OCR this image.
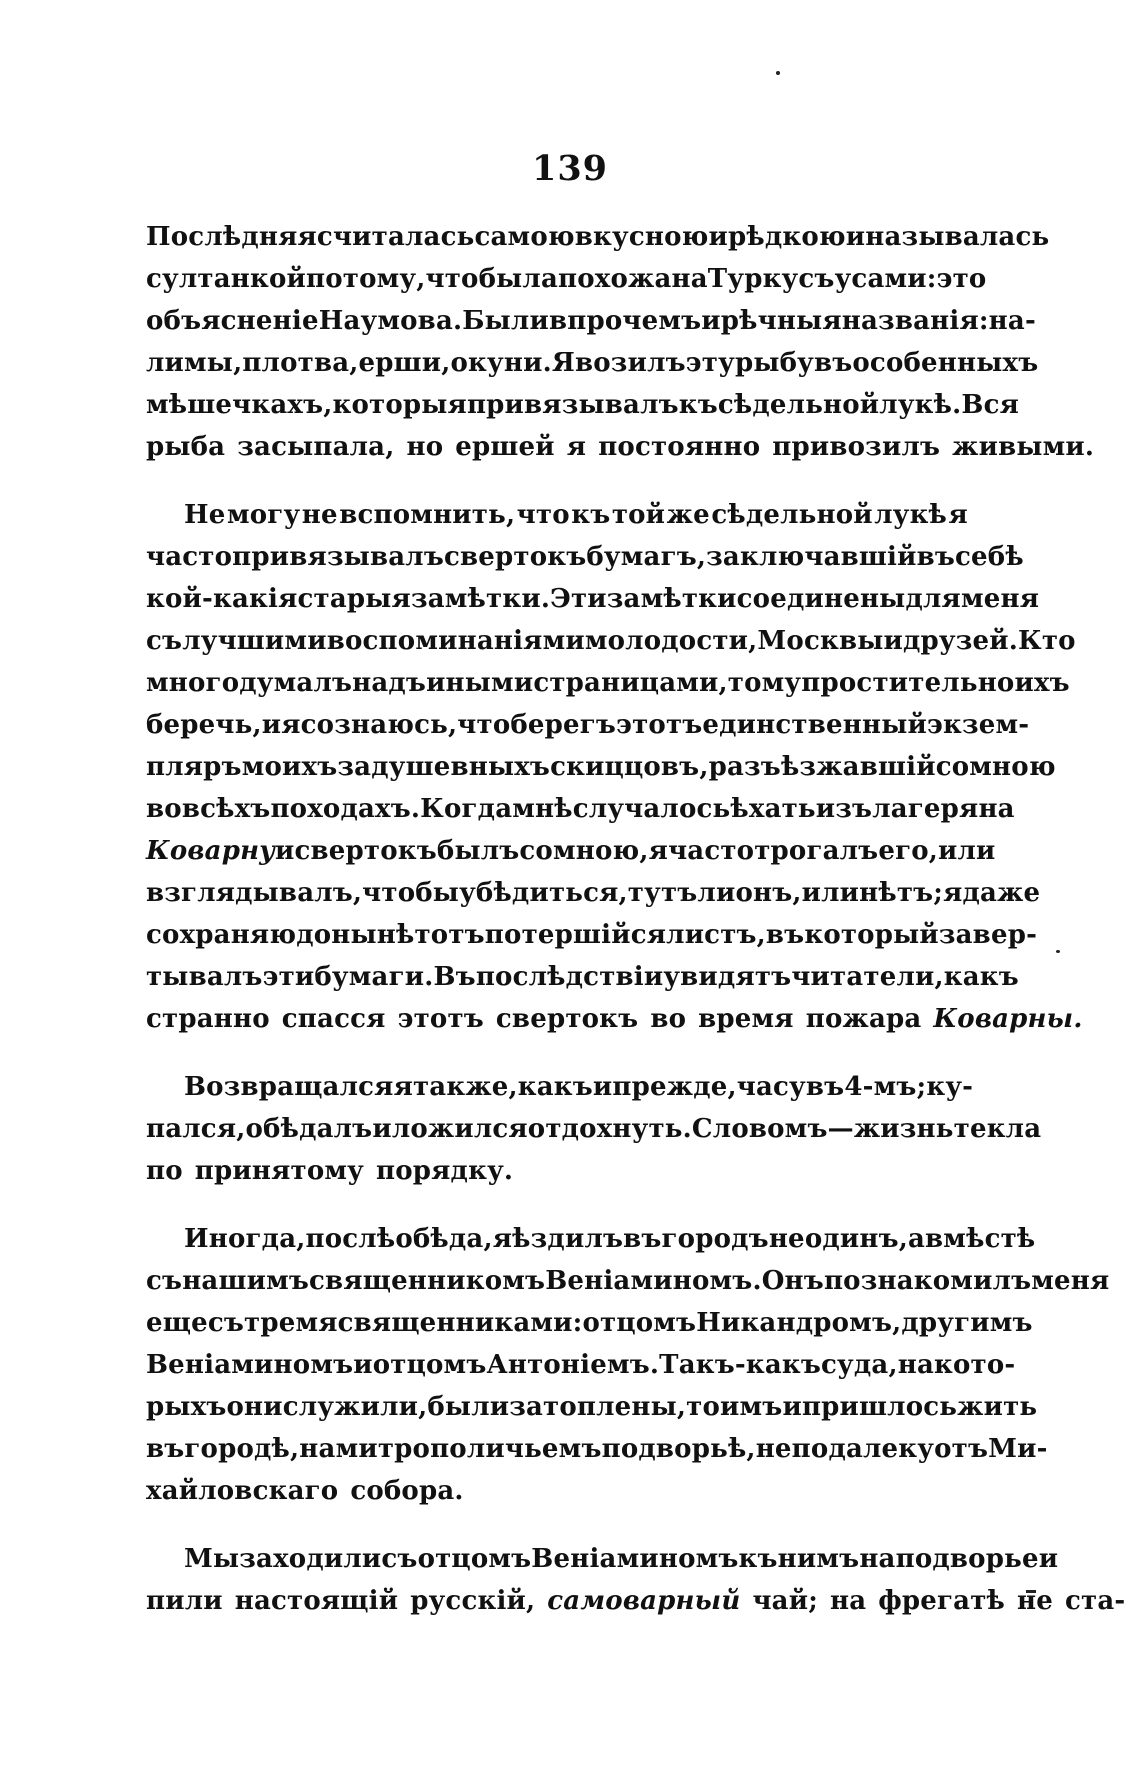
139
Послѣдняя считалась самою вкусною и рѣдкою и называлась
султанкой потому, что была похожа на Турку съ усами: это
объясненіе Наумова. Были впрочемъ и рѣчныя названія: на-
лимы, плотва, ерши, окуни. Я возилъ эту рыбу въ особенныхъ
мѣшечкахъ, которыя привязывалъ къ сѣдельной лукѣ. Вся
рыба засыпала, но ершей я постоянно привозилъ живыми.
Не могу не вспомнить, что къ той же сѣдельной лукѣ я
часто привязывалъ свертокъ бумагъ, заключавшій въ себѣ
кой-какія старыя замѣтки. Эти замѣтки соединены для меня
съ лучшими воспоминаніями молодости, Москвы и друзей. Кто
много думалъ надъ иными страницами, тому простительно ихъ
беречь, и я сознаюсь, что берегъ этотъ единственный экзем-
пляръ моихъ задушевныхъ скиццовъ, разъѣзжавшій со мною
во всѣхъ походахъ. Когда мнѣ случалось ѣхать изъ лагеря на
Коварну и свертокъ былъ со мною, я часто трогалъ его, или
взглядывалъ, чтобы убѣдиться, тутъ ли онъ, или нѣтъ; я даже
сохраняю донынѣ тотъ потершійся листъ, въ который завер-
тывалъ эти бумаги. Въ послѣдствіи увидятъ читатели, какъ
странно спасся этотъ свертокъ во время пожара Коварны.
Возвращался я также, какъ и прежде, часу въ 4-мъ; ку-
пался, обѣдалъ и ложился отдохнуть. Словомъ — жизнь текла
по принятому порядку.
Иногда, послѣ обѣда, я ѣздилъ въ городъ не одинъ, а вмѣстѣ
съ нашимъ священникомъ Веніаминомъ. Онъ познакомилъ меня
еще съ тремя священниками: отцомъ Никандромъ, другимъ
Веніаминомъ и отцомъ Антоніемъ. Такъ-какъ суда, на кото-
рыхъ они служили, были затоплены, то имъ и пришлось жить
въ городѣ, на митрополичьемъ подворьѣ, не подалеку отъ Ми-
хайловскаго собора.
Мы заходили съ отцомъ Веніаминомъ къ нимъ на подворье и
пили настоящій русскій, самоварный чай; на фрегатѣ не ста-
